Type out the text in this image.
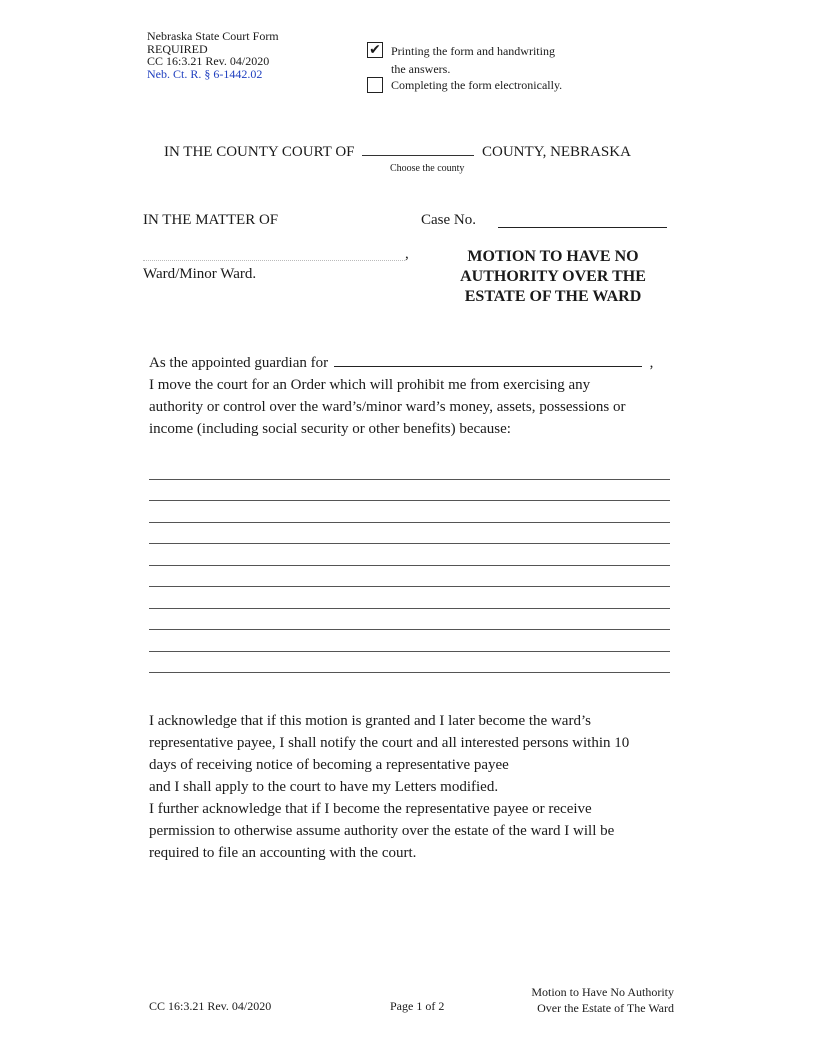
Nebraska State Court Form
REQUIRED
CC 16:3.21 Rev. 04/2020
Neb. Ct. R. § 6-1442.02
✔ Printing the form and handwriting
the answers.
Completing the form electronically.
IN THE COUNTY COURT OF	COUNTY, NEBRASKA
Choose the county
IN THE MATTER OF	Case No.
,
Ward/Minor Ward.
MOTION TO HAVE NO
AUTHORITY OVER THE
ESTATE OF THE WARD
As the appointed guardian for	,
I move the court for an Order which will prohibit me from exercising any
authority or control over the ward’s/minor ward’s money, assets, possessions or
income (including social security or other benefits) because:
I acknowledge that if this motion is granted and I later become the ward’s
representative payee, I shall notify the court and all interested persons within 10
days of receiving notice of becoming a representative payee
and I shall apply to the court to have my Letters modified.
I further acknowledge that if I become the representative payee or receive
permission to otherwise assume authority over the estate of the ward I will be
required to file an accounting with the court.
CC 16:3.21 Rev. 04/2020	Page 1 of 2
Motion to Have No Authority
Over the Estate of The Ward
